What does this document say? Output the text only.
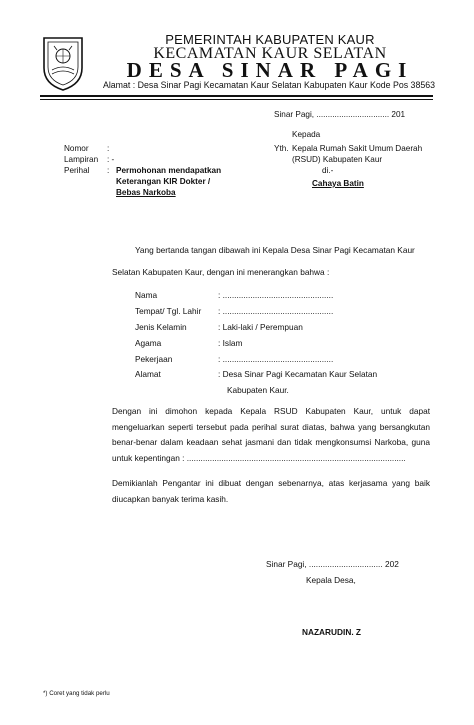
PEMERINTAH KABUPATEN KAUR
KECAMATAN KAUR SELATAN
DESA SINAR PAGI
Alamat : Desa Sinar Pagi Kecamatan Kaur Selatan Kabupaten Kaur Kode Pos 38563
Sinar Pagi, ................................ 201
Kepada
Yth. Kepala Rumah Sakit Umum Daerah
(RSUD) Kabupaten Kaur
di.-
Cahaya Batin
Nomor :
Lampiran : -
Perihal : Permohonan mendapatkan
Keterangan KIR Dokter /
Bebas Narkoba
Yang bertanda tangan dibawah ini Kepala Desa Sinar Pagi Kecamatan Kaur
Selatan Kabupaten Kaur, dengan ini menerangkan bahwa :
Nama	: ................................................
Tempat/ Tgl. Lahir : ................................................
Jenis Kelamin	: Laki-laki / Perempuan
Agama	: Islam
Pekerjaan	: ................................................
Alamat	: Desa Sinar Pagi Kecamatan Kaur Selatan
Kabupaten Kaur.
Dengan ini dimohon kepada Kepala RSUD Kabupaten Kaur, untuk dapat mengeluarkan seperti tersebut pada perihal surat diatas, bahwa yang bersangkutan benar-benar dalam keadaan sehat jasmani dan tidak mengkonsumsi Narkoba, guna untuk kepentingan : ...............................................................................................
Demikianlah Pengantar ini dibuat dengan sebenarnya, atas kerjasama yang baik diucapkan banyak terima kasih.
Sinar Pagi, ................................ 202
Kepala Desa,
NAZARUDIN. Z
*) Coret yang tidak perlu
